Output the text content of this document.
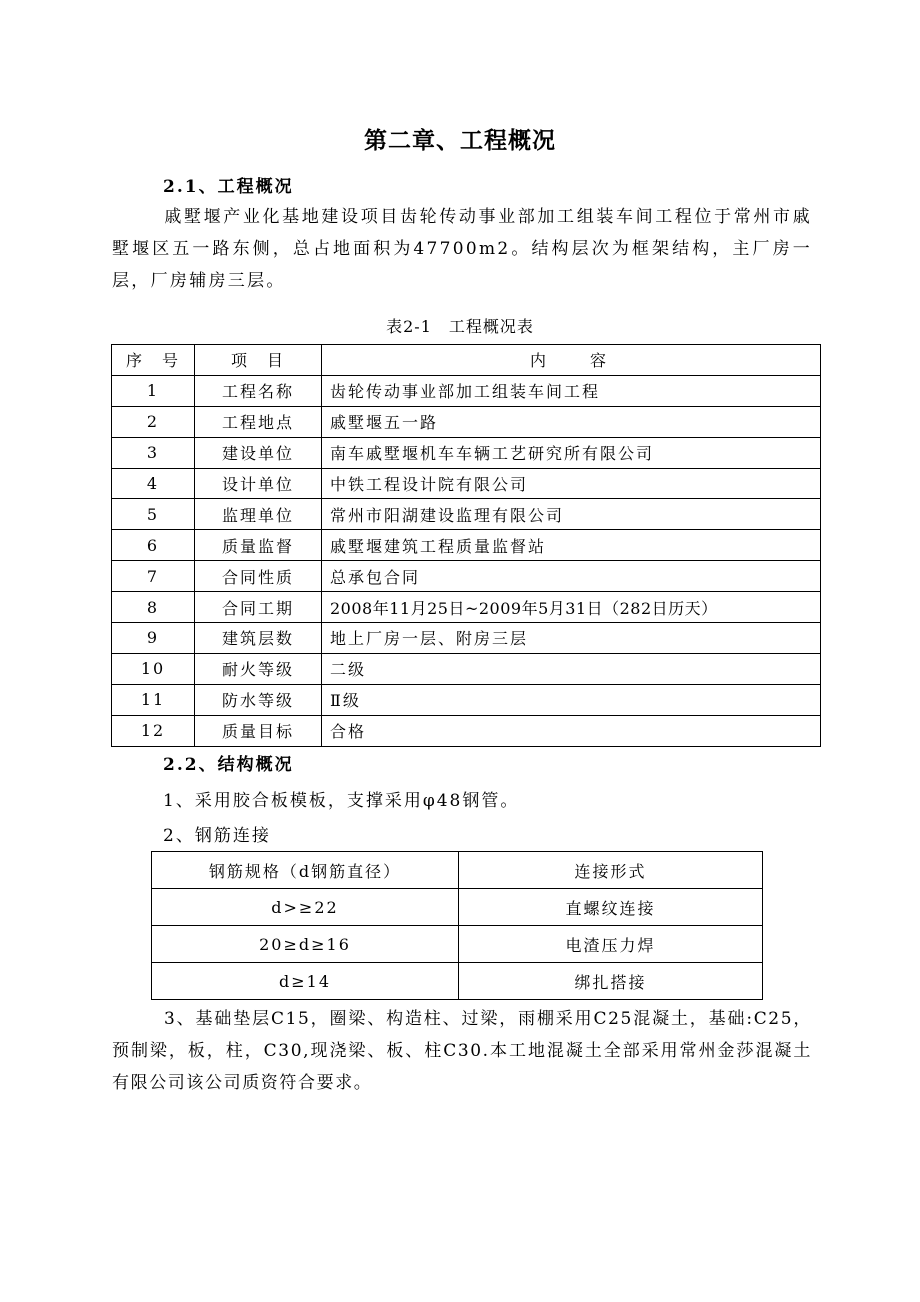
第二章、工程概况
2.1、工程概况
戚墅堰产业化基地建设项目齿轮传动事业部加工组装车间工程位于常州市戚墅堰区五一路东侧，总占地面积为47700m2。结构层次为框架结构，主厂房一层，厂房辅房三层。
表2-1　工程概况表
序　号	项　目	内　容
1	工程名称	齿轮传动事业部加工组装车间工程
2	工程地点	戚墅堰五一路
3	建设单位	南车戚墅堰机车车辆工艺研究所有限公司
4	设计单位	中铁工程设计院有限公司
5	监理单位	常州市阳湖建设监理有限公司
6	质量监督	戚墅堰建筑工程质量监督站
7	合同性质	总承包合同
8	合同工期	2008年11月25日~2009年5月31日（282日历天）
9	建筑层数	地上厂房一层、附房三层
10	耐火等级	二级
11	防水等级	Ⅱ级
12	质量目标	合格
2.2、结构概况
1、采用胶合板模板，支撑采用φ48钢管。
2、钢筋连接
钢筋规格（d钢筋直径）	连接形式
d>≥22	直螺纹连接
20≥d≥16	电渣压力焊
d≥14	绑扎搭接
3、基础垫层C15，圈梁、构造柱、过梁，雨棚采用C25混凝土，基础:C25，预制梁，板，柱，C30,现浇梁、板、柱C30.本工地混凝土全部采用常州金莎混凝土有限公司该公司质资符合要求。
